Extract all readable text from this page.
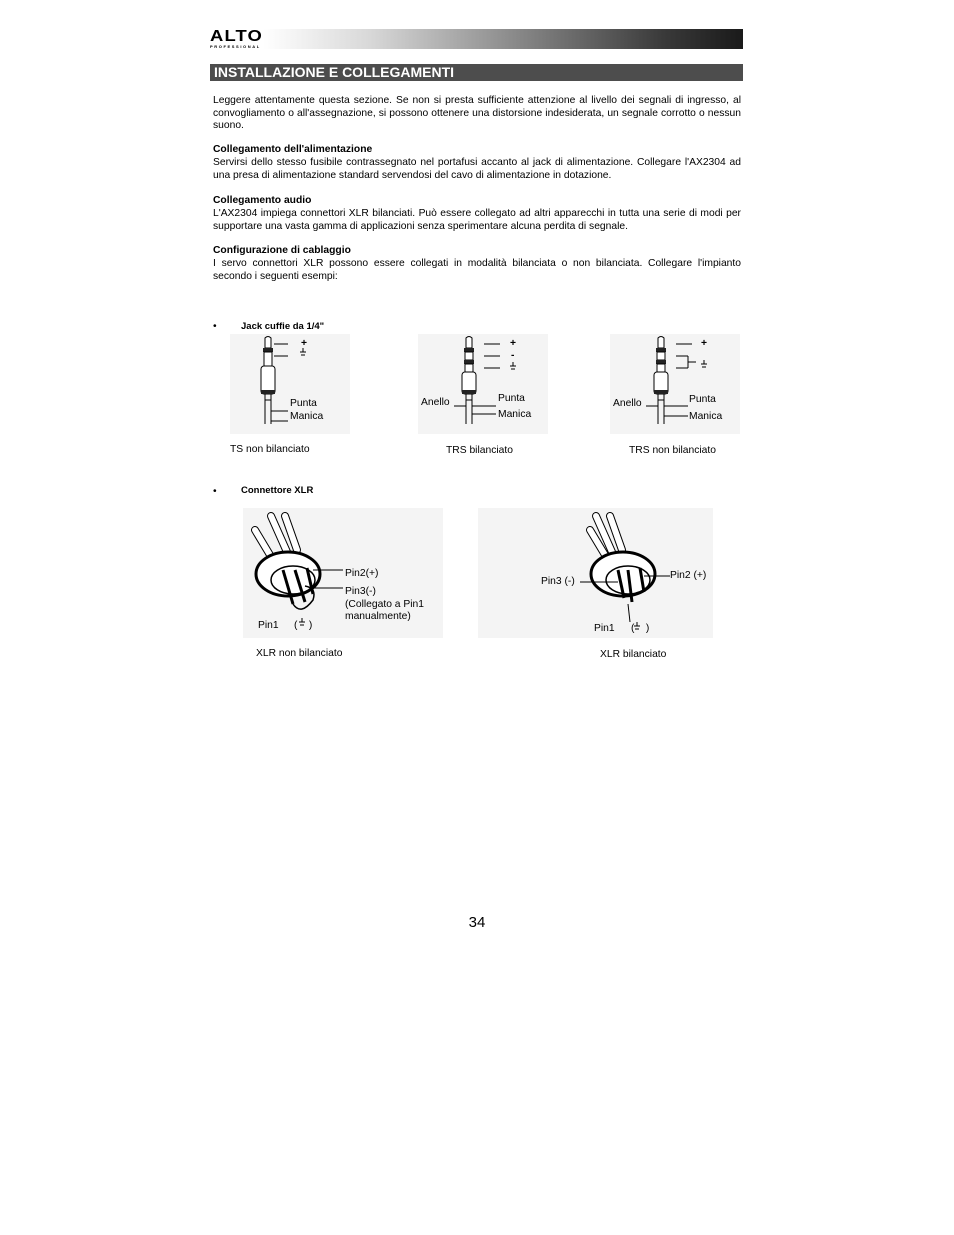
ALTO
PROFESSIONAL
INSTALLAZIONE E COLLEGAMENTI
Leggere attentamente questa sezione. Se non si presta sufficiente attenzione al livello dei segnali di ingresso, al convogliamento o all'assegnazione, si possono ottenere una distorsione indesiderata, un segnale corrotto o nessun suono.
Collegamento dell'alimentazione
Servirsi dello stesso fusibile contrassegnato nel portafusi accanto al jack di alimentazione. Collegare l'AX2304 ad una presa di alimentazione standard servendosi del cavo di alimentazione in dotazione.
Collegamento audio
L'AX2304 impiega connettori XLR bilanciati. Può essere collegato ad altri apparecchi in tutta una serie di modi per supportare una vasta gamma di applicazioni senza sperimentare alcuna perdita di segnale.
Configurazione di cablaggio
I servo connettori XLR possono essere collegati in modalità bilanciata o non bilanciata. Collegare l'impianto secondo i seguenti esempi:
•	Jack cuffie da 1/4"
+
Punta
Manica
TS non bilanciato
+
-
Anello	Punta
Manica
TRS bilanciato
+
Anello	Punta
Manica
TRS non bilanciato
•	Connettore XLR
Pin2(+)
Pin3(-)
(Collegato a Pin1
manualmente)
Pin1 (    )
XLR non bilanciato
Pin3 (-)
Pin2 (+)
Pin1 (    )
XLR bilanciato
34
